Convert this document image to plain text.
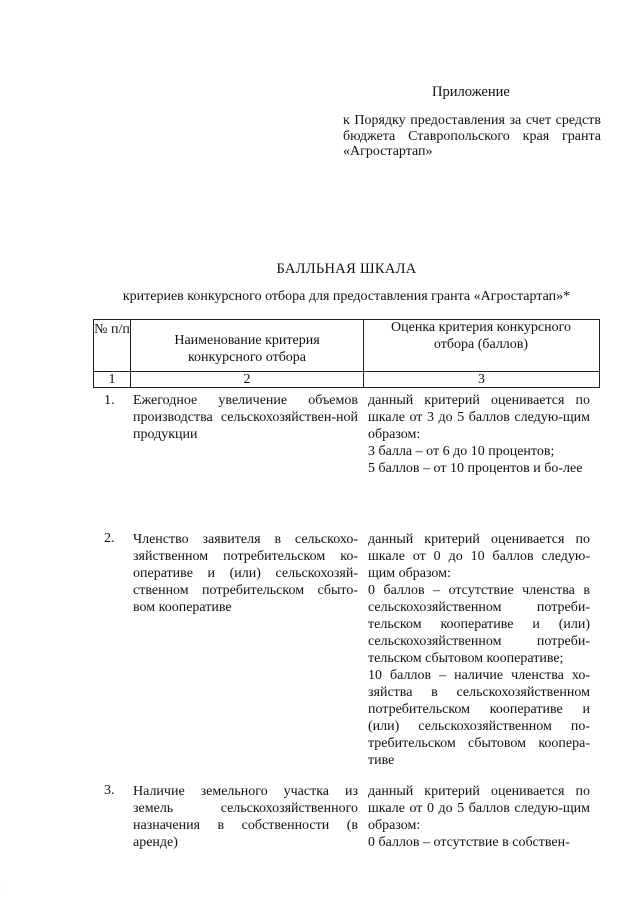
Приложение
к Порядку предоставления за счет средств бюджета Ставропольского края гранта «Агростартап»
БАЛЛЬНАЯ ШКАЛА
критериев конкурсного отбора для предоставления гранта «Агростартап»*
№ п/п
Наименование критерия конкурсного отбора
Оценка критерия конкурсного отбора (баллов)
1	2	3
1. Ежегодное увеличение объемов производства сельскохозяйствен-ной продукции

данный критерий оценивается по шкале от 3 до 5 баллов следую-щим образом:

3 балла – от 6 до 10 процентов;

5 баллов – от 10 процентов и бо-лее

2. Членство заявителя в сельскохо-зяйственном потребительском ко-оперативе и (или) сельскохозяй-ственном потребительском сбыто-вом кооперативе

данный критерий оценивается по шкале от 0 до 10 баллов следую-щим образом:

0 баллов – отсутствие членства в сельскохозяйственном потреби-тельском кооперативе и (или) сельскохозяйственном потреби-тельском сбытовом кооперативе;

10 баллов – наличие членства хо-зяйства в сельскохозяйственном потребительском кооперативе и (или) сельскохозяйственном по-требительском сбытовом коопера-тиве

3. Наличие земельного участка из земель сельскохозяйственного назначения в собственности (в аренде)

данный критерий оценивается по шкале от 0 до 5 баллов следую-щим образом:

0 баллов – отсутствие в собствен-

·
